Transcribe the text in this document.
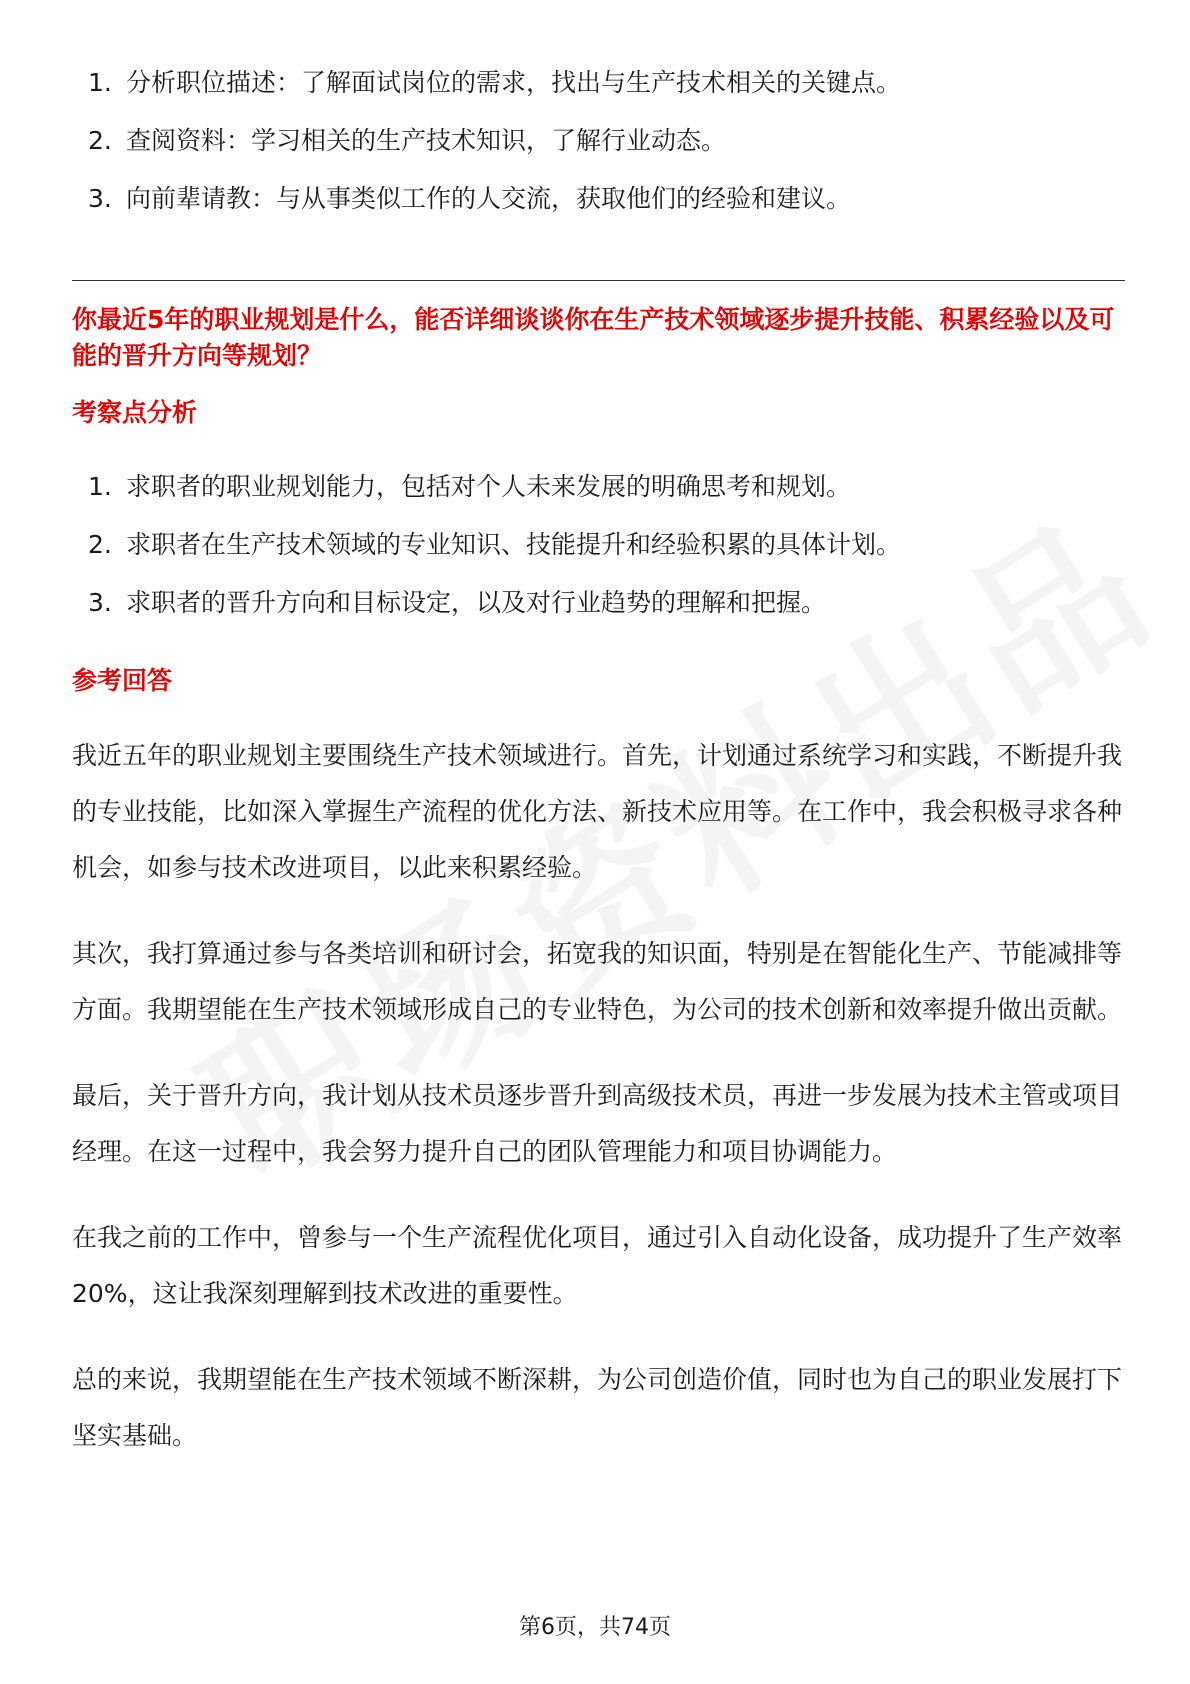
1. 分析职位描述：了解面试岗位的需求，找出与生产技术相关的关键点。
2. 查阅资料：学习相关的生产技术知识，了解行业动态。
3. 向前辈请教：与从事类似工作的人交流，获取他们的经验和建议。
你最近5年的职业规划是什么，能否详细谈谈你在生产技术领域逐步提升技能、积累经验以及可能的晋升方向等规划？
考察点分析
1. 求职者的职业规划能力，包括对个人未来发展的明确思考和规划。
2. 求职者在生产技术领域的专业知识、技能提升和经验积累的具体计划。
3. 求职者的晋升方向和目标设定，以及对行业趋势的理解和把握。
参考回答

我近五年的职业规划主要围绕生产技术领域进行。首先，计划通过系统学习和实践，不断提升我的专业技能，比如深入掌握生产流程的优化方法、新技术应用等。在工作中，我会积极寻求各种机会，如参与技术改进项目，以此来积累经验。

其次，我打算通过参与各类培训和研讨会，拓宽我的知识面，特别是在智能化生产、节能减排等方面。我期望能在生产技术领域形成自己的专业特色，为公司的技术创新和效率提升做出贡献。

最后，关于晋升方向，我计划从技术员逐步晋升到高级技术员，再进一步发展为技术主管或项目经理。在这一过程中，我会努力提升自己的团队管理能力和项目协调能力。

在我之前的工作中，曾参与一个生产流程优化项目，通过引入自动化设备，成功提升了生产效率20%，这让我深刻理解到技术改进的重要性。

总的来说，我期望能在生产技术领域不断深耕，为公司创造价值，同时也为自己的职业发展打下坚实基础。

第6页，共74页
